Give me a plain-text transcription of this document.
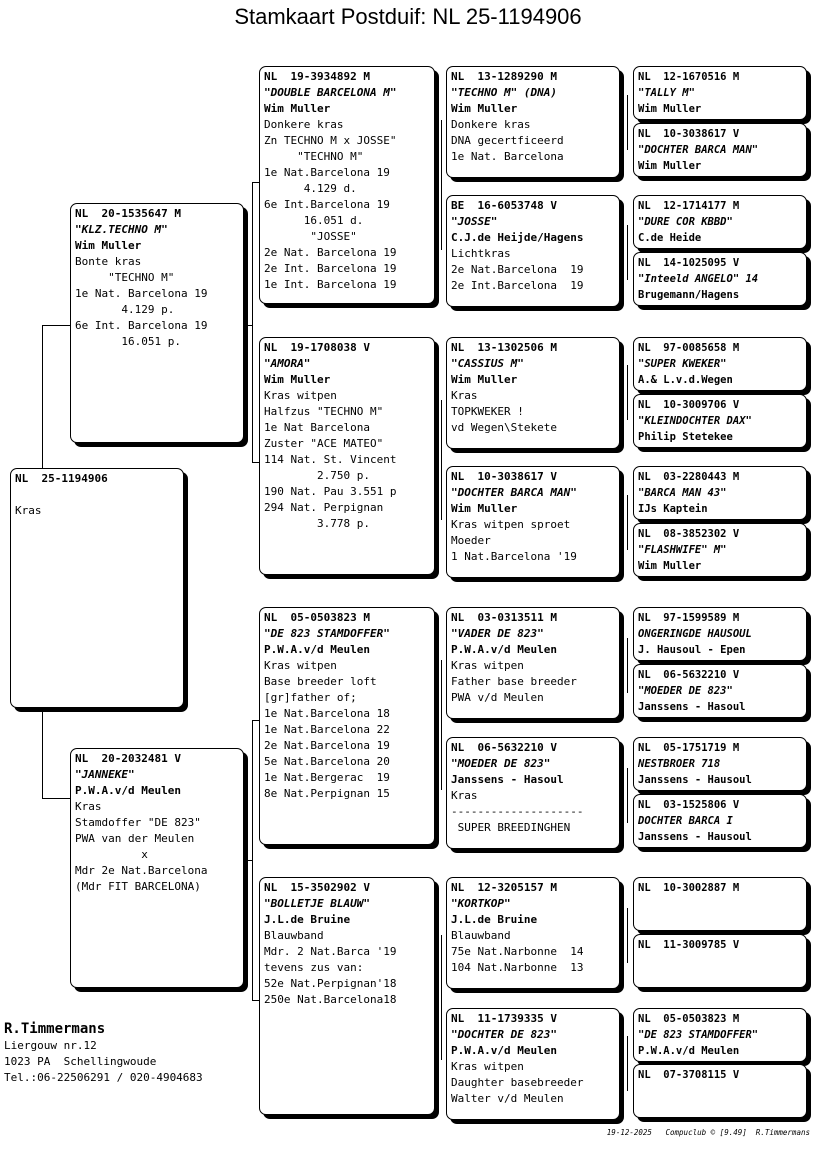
Stamkaart Postduif: NL 25-1194906
NL  25-1194906
Kras
NL  20-1535647 M
"KLZ.TECHNO M"
Wim Muller
Bonte kras
"TECHNO M"
1e Nat. Barcelona 19
4.129 p.
6e Int. Barcelona 19
16.051 p.
NL  20-2032481 V
"JANNEKE"
P.W.A.v/d Meulen
Kras
Stamdoffer "DE 823"
PWA van der Meulen
x
Mdr 2e Nat.Barcelona
(Mdr FIT BARCELONA)
NL  19-3934892 M
"DOUBLE BARCELONA M"
Wim Muller
Donkere kras
Zn TECHNO M x JOSSE"
"TECHNO M"
1e Nat.Barcelona 19
4.129 d.
6e Int.Barcelona 19
16.051 d.
"JOSSE"
2e Nat. Barcelona 19
2e Int. Barcelona 19
1e Int. Barcelona 19
NL  19-1708038 V
"AMORA"
Wim Muller
Kras witpen
Halfzus "TECHNO M"
1e Nat Barcelona
Zuster "ACE MATEO"
114 Nat. St. Vincent
2.750 p.
190 Nat. Pau 3.551 p
294 Nat. Perpignan
3.778 p.
NL  05-0503823 M
"DE 823 STAMDOFFER"
P.W.A.v/d Meulen
Kras witpen
Base breeder loft
[gr]father of;
1e Nat.Barcelona 18
1e Nat.Barcelona 22
2e Nat.Barcelona 19
5e Nat.Barcelona 20
1e Nat.Bergerac  19
8e Nat.Perpignan 15
NL  15-3502902 V
"BOLLETJE BLAUW"
J.L.de Bruine
Blauwband
Mdr. 2 Nat.Barca '19
tevens zus van:
52e Nat.Perpignan'18
250e Nat.Barcelona18
NL  13-1289290 M
"TECHNO M" (DNA)
Wim Muller
Donkere kras
DNA gecertficeerd
1e Nat. Barcelona
BE  16-6053748 V
"JOSSE"
C.J.de Heijde/Hagens
Lichtkras
2e Nat.Barcelona  19
2e Int.Barcelona  19
NL  13-1302506 M
"CASSIUS M"
Wim Muller
Kras
TOPKWEKER !
vd Wegen\Stekete
NL  10-3038617 V
"DOCHTER BARCA MAN"
Wim Muller
Kras witpen sproet
Moeder
1 Nat.Barcelona '19
NL  03-0313511 M
"VADER DE 823"
P.W.A.v/d Meulen
Kras witpen
Father base breeder
PWA v/d Meulen
NL  06-5632210 V
"MOEDER DE 823"
Janssens - Hasoul
Kras
--------------------
SUPER BREEDINGHEN
NL  12-3205157 M
"KORTKOP"
J.L.de Bruine
Blauwband
75e Nat.Narbonne  14
104 Nat.Narbonne  13
NL  11-1739335 V
"DOCHTER DE 823"
P.W.A.v/d Meulen
Kras witpen
Daughter basebreeder
Walter v/d Meulen
NL  12-1670516 M
"TALLY M"
Wim Muller
NL  10-3038617 V
"DOCHTER BARCA MAN"
Wim Muller
NL  12-1714177 M
"DURE COR KBBD"
C.de Heide
NL  14-1025095 V
"Inteeld ANGELO" 14
Brugemann/Hagens
NL  97-0085658 M
"SUPER KWEKER"
A.& L.v.d.Wegen
NL  10-3009706 V
"KLEINDOCHTER DAX"
Philip Stetekee
NL  03-2280443 M
"BARCA MAN 43"
IJs Kaptein
NL  08-3852302 V
"FLASHWIFE" M"
Wim Muller
NL  97-1599589 M
ONGERINGDE HAUSOUL
J. Hausoul - Epen
NL  06-5632210 V
"MOEDER DE 823"
Janssens - Hasoul
NL  05-1751719 M
NESTBROER 718
Janssens - Hausoul
NL  03-1525806 V
DOCHTER BARCA I
Janssens - Hausoul
NL  10-3002887 M
NL  11-3009785 V
NL  05-0503823 M
"DE 823 STAMDOFFER"
P.W.A.v/d Meulen
NL  07-3708115 V
R.Timmermans
Liergouw nr.12
1023 PA  Schellingwoude
Tel.:06-22506291 / 020-4904683
19-12-2025   Compuclub © [9.49]  R.Timmermans
